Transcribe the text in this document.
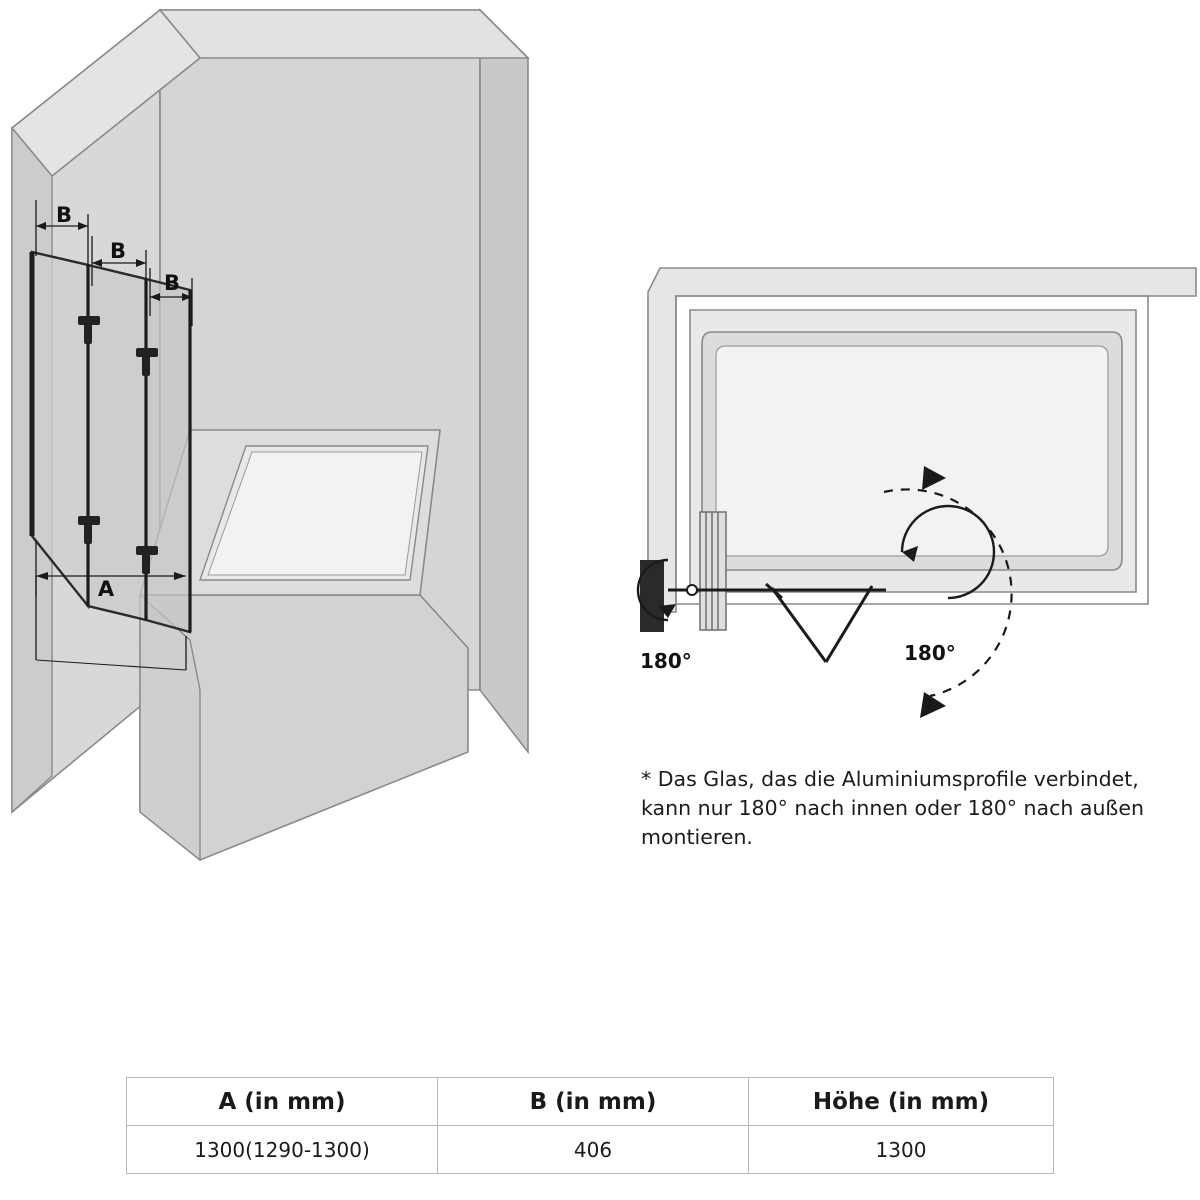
B
B
B
A
180°	180°
* Das Glas, das die Aluminiumsprofile verbindet, kann nur 180° nach innen oder 180° nach außen montieren.
A (in mm)	B (in mm)	Höhe (in mm)
1300(1290-1300)	406	1300
